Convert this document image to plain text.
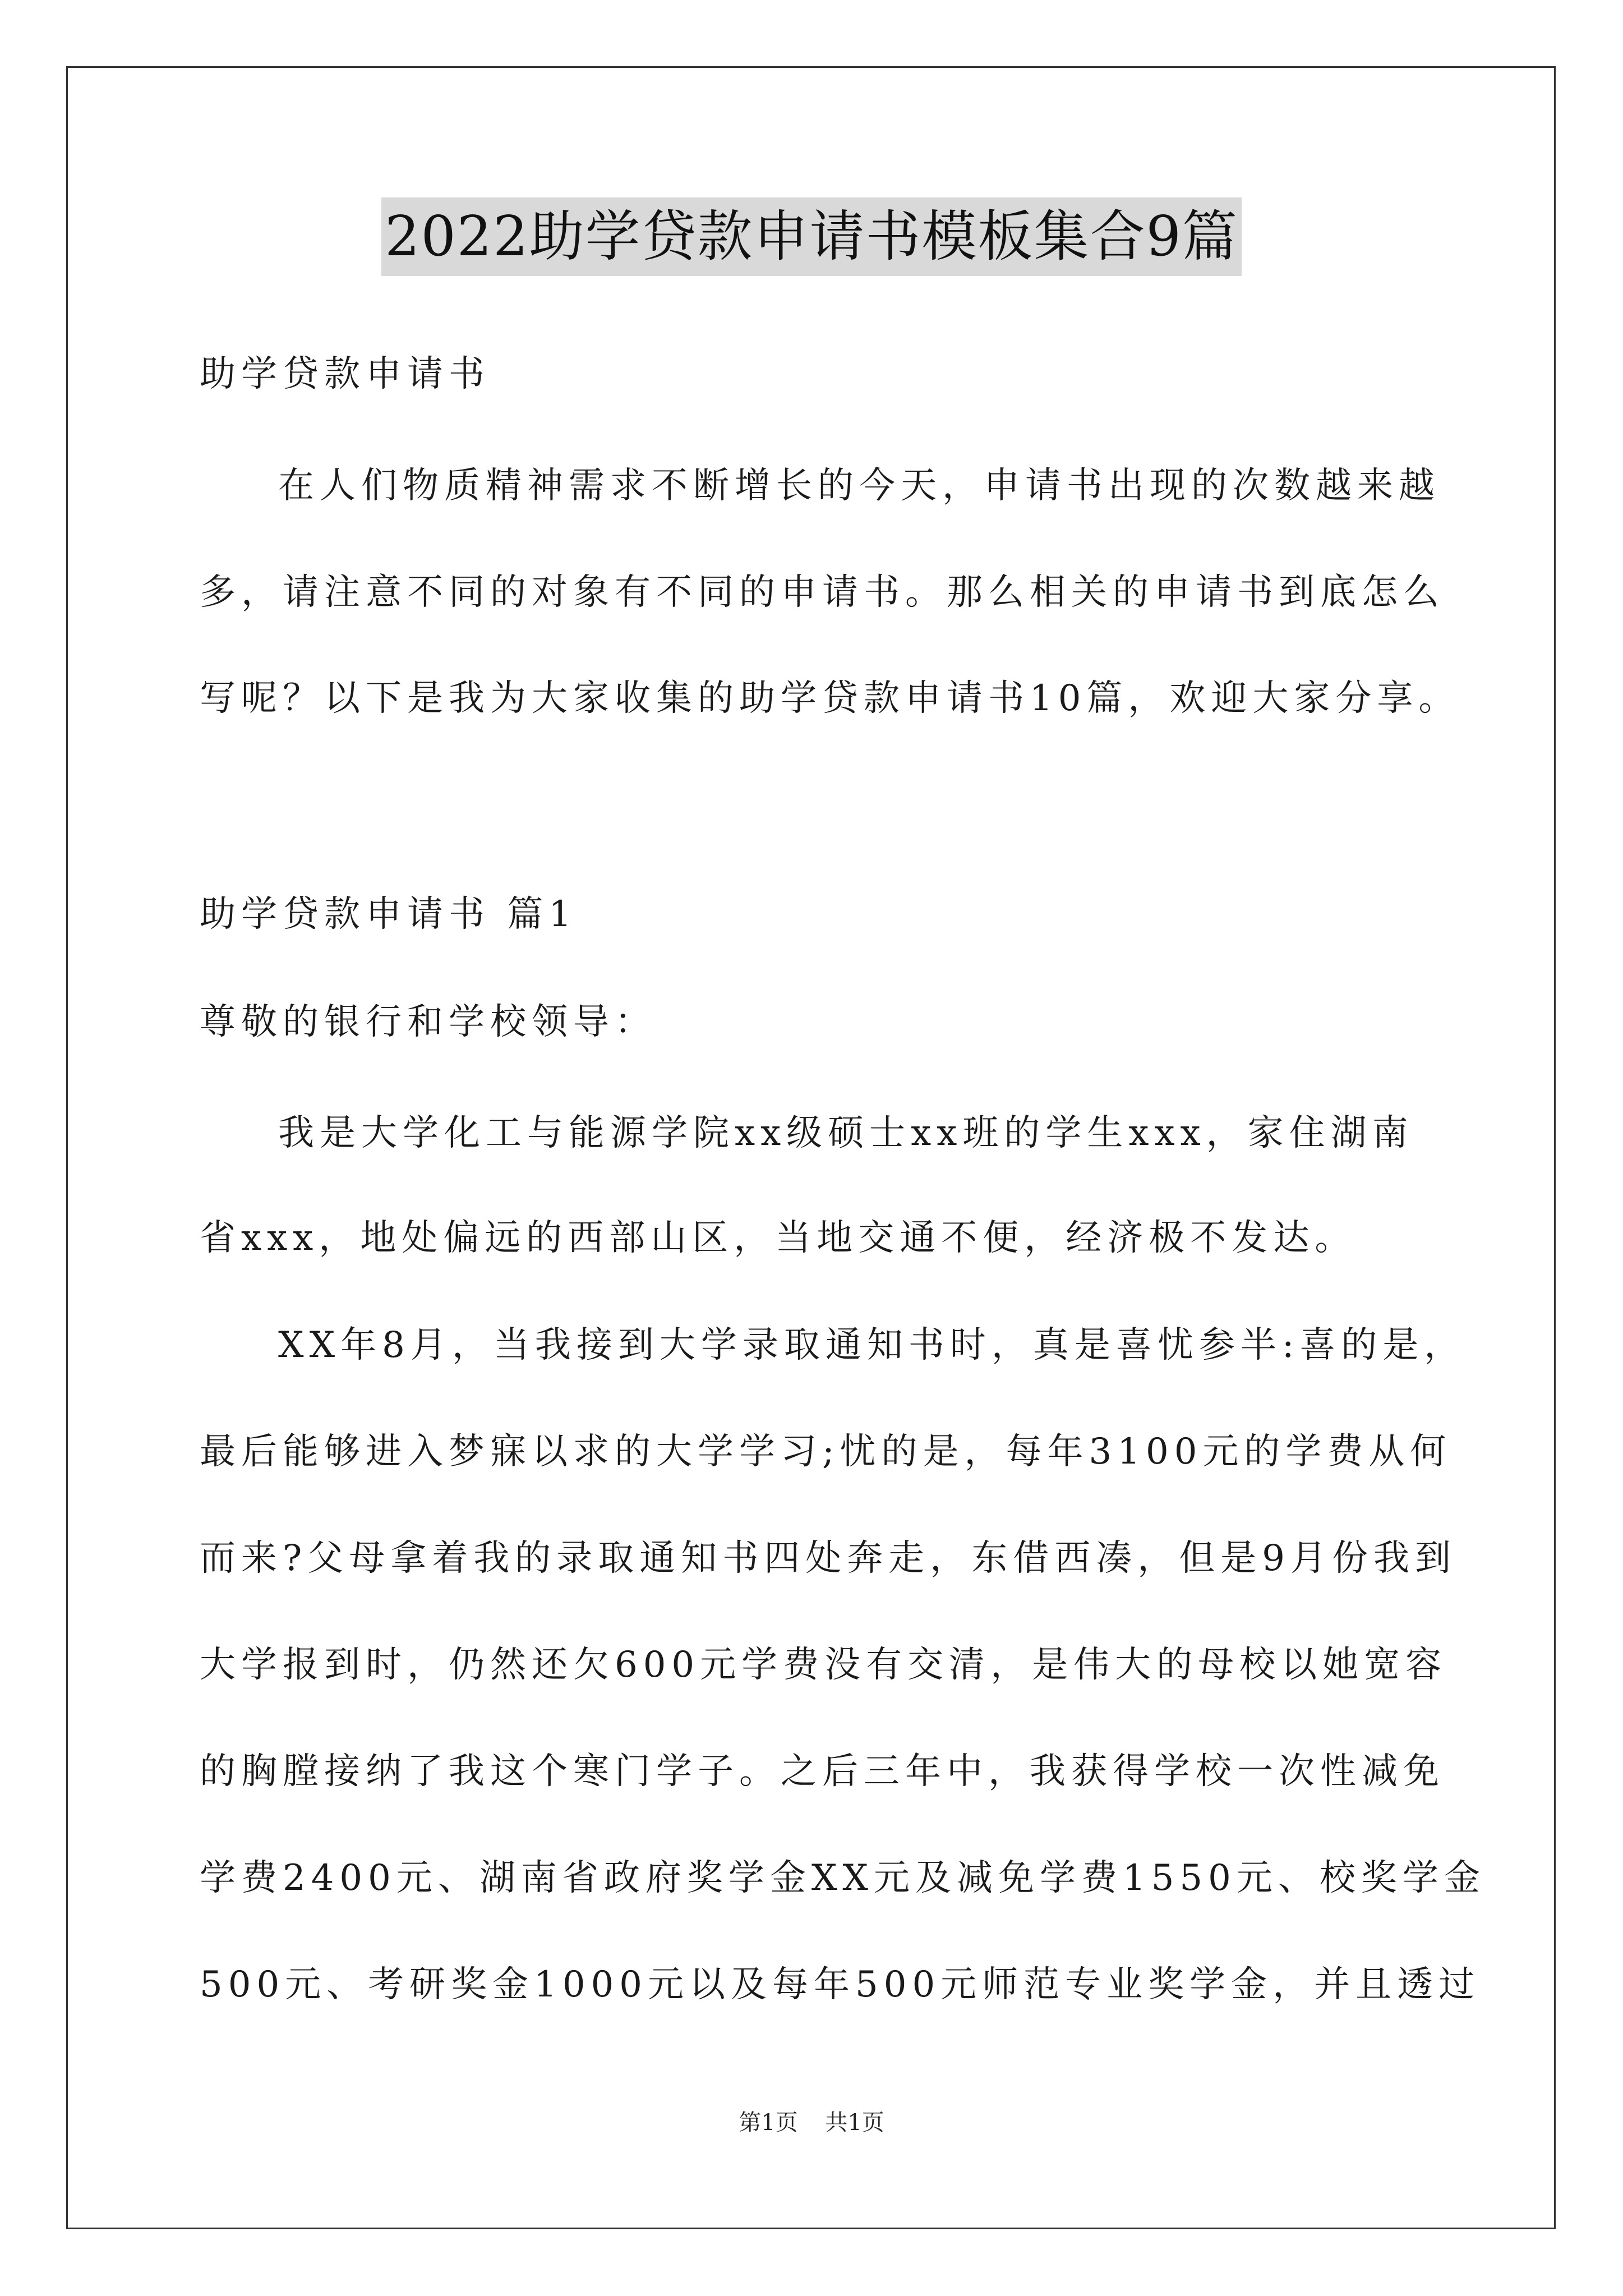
2022助学贷款申请书模板集合9篇

助学贷款申请书

在人们物质精神需求不断增长的今天，申请书出现的次数越来越

多，请注意不同的对象有不同的申请书。那么相关的申请书到底怎么

写呢？以下是我为大家收集的助学贷款申请书10篇，欢迎大家分享。

助学贷款申请书 篇1

尊敬的银行和学校领导：

我是大学化工与能源学院xx级硕士xx班的学生xxx，家住湖南

省xxx，地处偏远的西部山区，当地交通不便，经济极不发达。

XX年8月，当我接到大学录取通知书时，真是喜忧参半:喜的是，

最后能够进入梦寐以求的大学学习;忧的是，每年3100元的学费从何

而来?父母拿着我的录取通知书四处奔走，东借西凑，但是9月份我到

大学报到时，仍然还欠600元学费没有交清，是伟大的母校以她宽容

的胸膛接纳了我这个寒门学子。之后三年中，我获得学校一次性减免

学费2400元、湖南省政府奖学金XX元及减免学费1550元、校奖学金

500元、考研奖金1000元以及每年500元师范专业奖学金，并且透过

第1页 共1页
